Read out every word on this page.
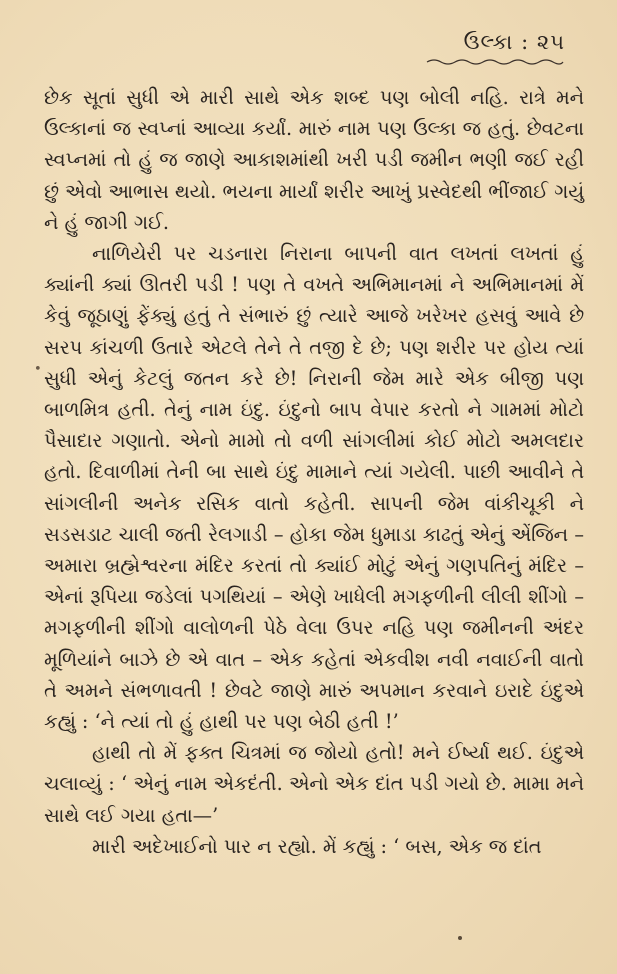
ઉલ્કા : ૨૫
•

છેક સૂતાં સુધી એ મારી સાથે એક શબ્દ પણ બોલી નહિ. રાત્રે મને ઉલ્કાનાં જ સ્વપ્નાં આવ્યા કર્યાં. મારું નામ પણ ઉલ્કા જ હતું. છેવટના સ્વપ્નમાં તો હું જ જાણે આકાશમાંથી ખરી પડી જમીન ભણી જઈ રહી છું એવો આભાસ થયો. ભયના માર્યાં શરીર આખું પ્રસ્વેદથી ભીંજાઈ ગયું ને હું જાગી ગઈ.

નાળિયેરી પર ચડનારા નિરાના બાપની વાત લખતાં લખતાં હું ક્યાંની ક્યાં ઊતરી પડી ! પણ તે વખતે અભિમાનમાં ને અભિમાનમાં મેં કેવું જૂઠાણું ફેંક્યું હતું તે સંભારું છું ત્યારે આજે ખરેખર હસવું આવે છે સરપ કાંચળી ઉતારે એટલે તેને તે તજી દે છે; પણ શરીર પર હોય ત્યાં સુધી એનું કેટલું જતન કરે છે! નિરાની જેમ મારે એક બીજી પણ બાળમિત્ર હતી. તેનું નામ ઇંદુ. ઇંદુનો બાપ વેપાર કરતો ને ગામમાં મોટો પૈસાદાર ગણાતો. એનો મામો તો વળી સાંગલીમાં કોઈ મોટો અમલદાર હતો. દિવાળીમાં તેની બા સાથે ઇંદુ મામાને ત્યાં ગયેલી. પાછી આવીને તે સાંગલીની અનેક રસિક વાતો કહેતી. સાપની જેમ વાંકીચૂકી ને સડસડાટ ચાલી જતી રેલગાડી – હોકા જેમ ધુમાડા કાઢતું એનું એંજિન – અમારા બ્રહ્મેશ્વરના મંદિર કરતાં તો ક્યાંઈ મોટું એનું ગણપતિનું મંદિર – એનાં રૂપિયા જડેલાં પગથિયાં – એણે ખાધેલી મગફળીની લીલી શીંગો – મગફળીની શીંગો વાલોળની પેઠે વેલા ઉપર નહિ પણ જમીનની અંદર મૂળિયાંને બાઝે છે એ વાત – એક કહેતાં એકવીશ નવી નવાઈની વાતો તે અમને સંભળાવતી ! છેવટે જાણે મારું અપમાન કરવાને ઇરાદે ઇંદુએ કહ્યું : ‘ને ત્યાં તો હું હાથી પર પણ બેઠી હતી !’

હાથી તો મેં ફક્ત ચિત્રમાં જ જોયો હતો! મને ઈર્ષ્યા થઈ. ઇંદુએ ચલાવ્યું : ‘ એનું નામ એકદંતી. એનો એક દાંત પડી ગયો છે. મામા મને સાથે લઈ ગયા હતા—’

મારી અદેખાઈનો પાર ન રહ્યો. મેં કહ્યું : ‘ બસ, એક જ દાંત
